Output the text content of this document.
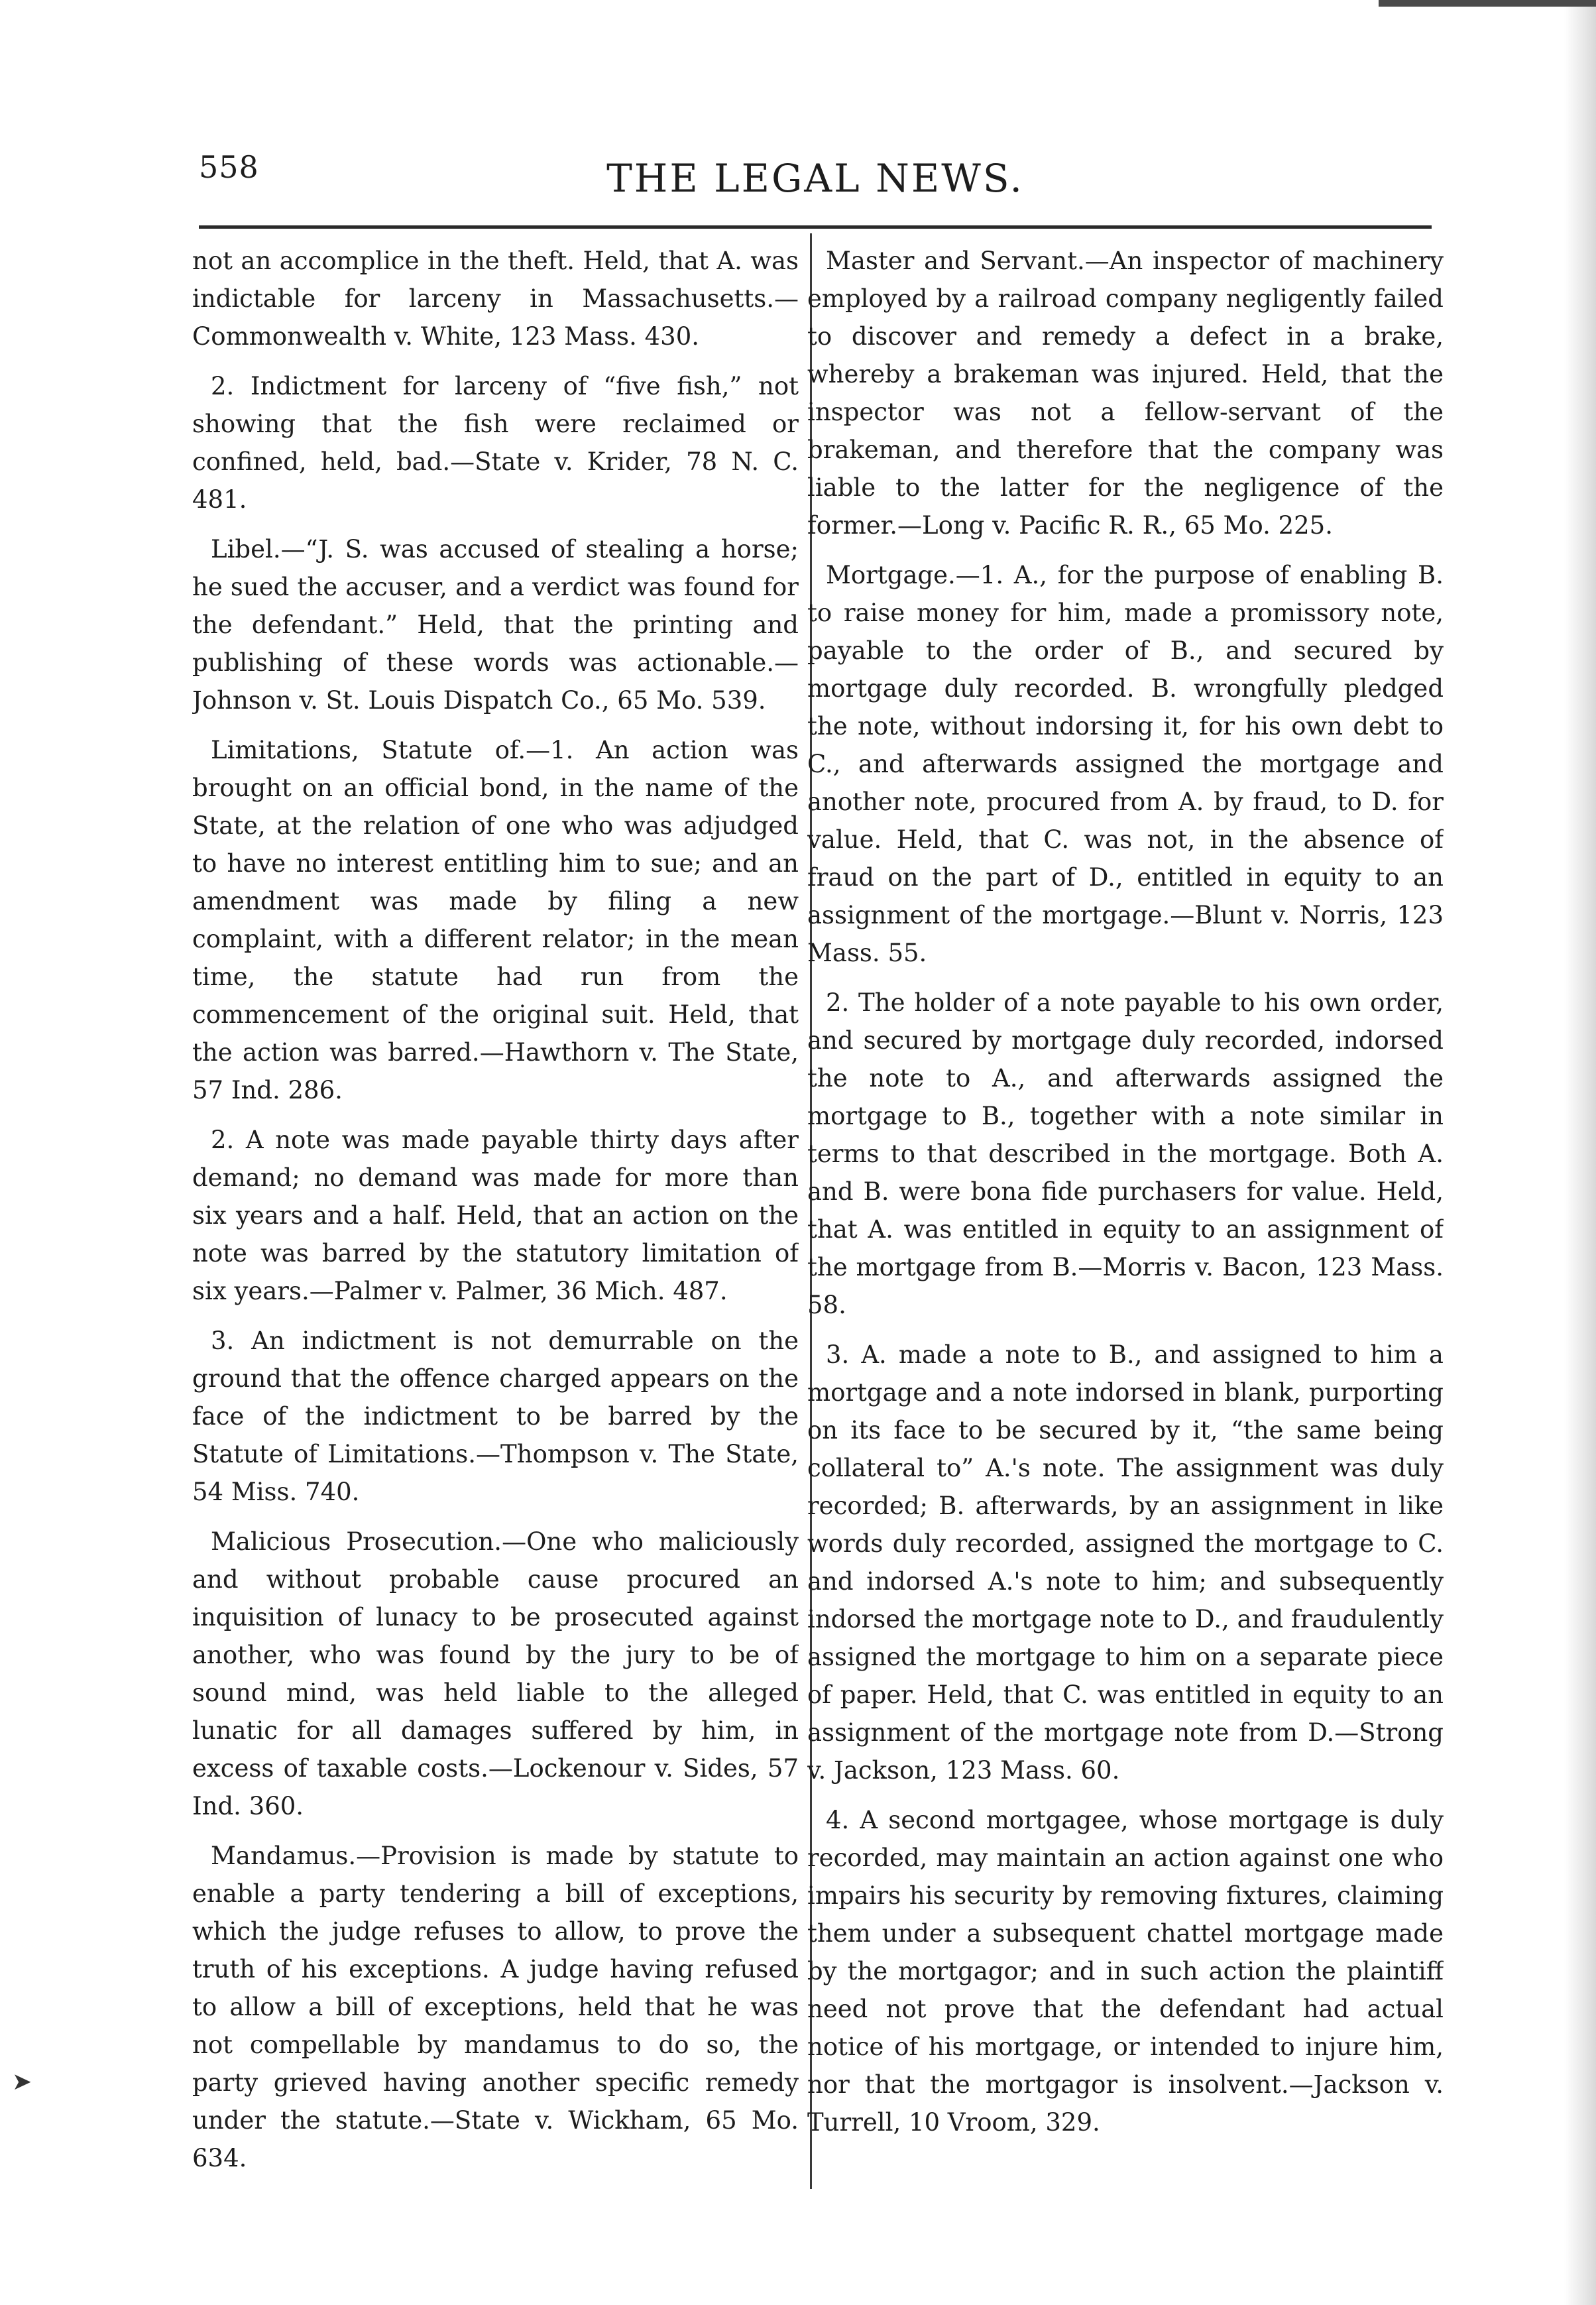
558	THE LEGAL NEWS.

not an accomplice in the theft. Held, that A. was indictable for larceny in Massachusetts.—Commonwealth v. White, 123 Mass. 430.

2. Indictment for larceny of “five fish,” not showing that the fish were reclaimed or confined, held, bad.—State v. Krider, 78 N. C. 481.

Libel.—“J. S. was accused of stealing a horse; he sued the accuser, and a verdict was found for the defendant.” Held, that the printing and publishing of these words was actionable.—Johnson v. St. Louis Dispatch Co., 65 Mo. 539.

Limitations, Statute of.—1. An action was brought on an official bond, in the name of the State, at the relation of one who was adjudged to have no interest entitling him to sue; and an amendment was made by filing a new complaint, with a different relator; in the mean time, the statute had run from the commencement of the original suit. Held, that the action was barred.—Hawthorn v. The State, 57 Ind. 286.

2. A note was made payable thirty days after demand; no demand was made for more than six years and a half. Held, that an action on the note was barred by the statutory limitation of six years.—Palmer v. Palmer, 36 Mich. 487.

3. An indictment is not demurrable on the ground that the offence charged appears on the face of the indictment to be barred by the Statute of Limitations.—Thompson v. The State, 54 Miss. 740.

Malicious Prosecution.—One who maliciously and without probable cause procured an inquisition of lunacy to be prosecuted against another, who was found by the jury to be of sound mind, was held liable to the alleged lunatic for all damages suffered by him, in excess of taxable costs.—Lockenour v. Sides, 57 Ind. 360.

Mandamus.—Provision is made by statute to enable a party tendering a bill of exceptions, which the judge refuses to allow, to prove the truth of his exceptions. A judge having refused to allow a bill of exceptions, held that he was not compellable by mandamus to do so, the party grieved having another specific remedy under the statute.—State v. Wickham, 65 Mo. 634.

Master and Servant.—An inspector of machinery employed by a railroad company negligently failed to discover and remedy a defect in a brake, whereby a brakeman was injured. Held, that the inspector was not a fellow-servant of the brakeman, and therefore that the company was liable to the latter for the negligence of the former.—Long v. Pacific R. R., 65 Mo. 225.

Mortgage.—1. A., for the purpose of enabling B. to raise money for him, made a promissory note, payable to the order of B., and secured by mortgage duly recorded. B. wrongfully pledged the note, without indorsing it, for his own debt to C., and afterwards assigned the mortgage and another note, procured from A. by fraud, to D. for value. Held, that C. was not, in the absence of fraud on the part of D., entitled in equity to an assignment of the mortgage.—Blunt v. Norris, 123 Mass. 55.

2. The holder of a note payable to his own order, and secured by mortgage duly recorded, indorsed the note to A., and afterwards assigned the mortgage to B., together with a note similar in terms to that described in the mortgage. Both A. and B. were bona fide purchasers for value. Held, that A. was entitled in equity to an assignment of the mortgage from B.—Morris v. Bacon, 123 Mass. 58.

3. A. made a note to B., and assigned to him a mortgage and a note indorsed in blank, purporting on its face to be secured by it, “the same being collateral to” A.'s note. The assignment was duly recorded; B. afterwards, by an assignment in like words duly recorded, assigned the mortgage to C. and indorsed A.'s note to him; and subsequently indorsed the mortgage note to D., and fraudulently assigned the mortgage to him on a separate piece of paper. Held, that C. was entitled in equity to an assignment of the mortgage note from D.—Strong v. Jackson, 123 Mass. 60.

4. A second mortgagee, whose mortgage is duly recorded, may maintain an action against one who impairs his security by removing fixtures, claiming them under a subsequent chattel mortgage made by the mortgagor; and in such action the plaintiff need not prove that the defendant had actual notice of his mortgage, or intended to injure him, nor that the mortgagor is insolvent.—Jackson v. Turrell, 10 Vroom, 329.

➤
